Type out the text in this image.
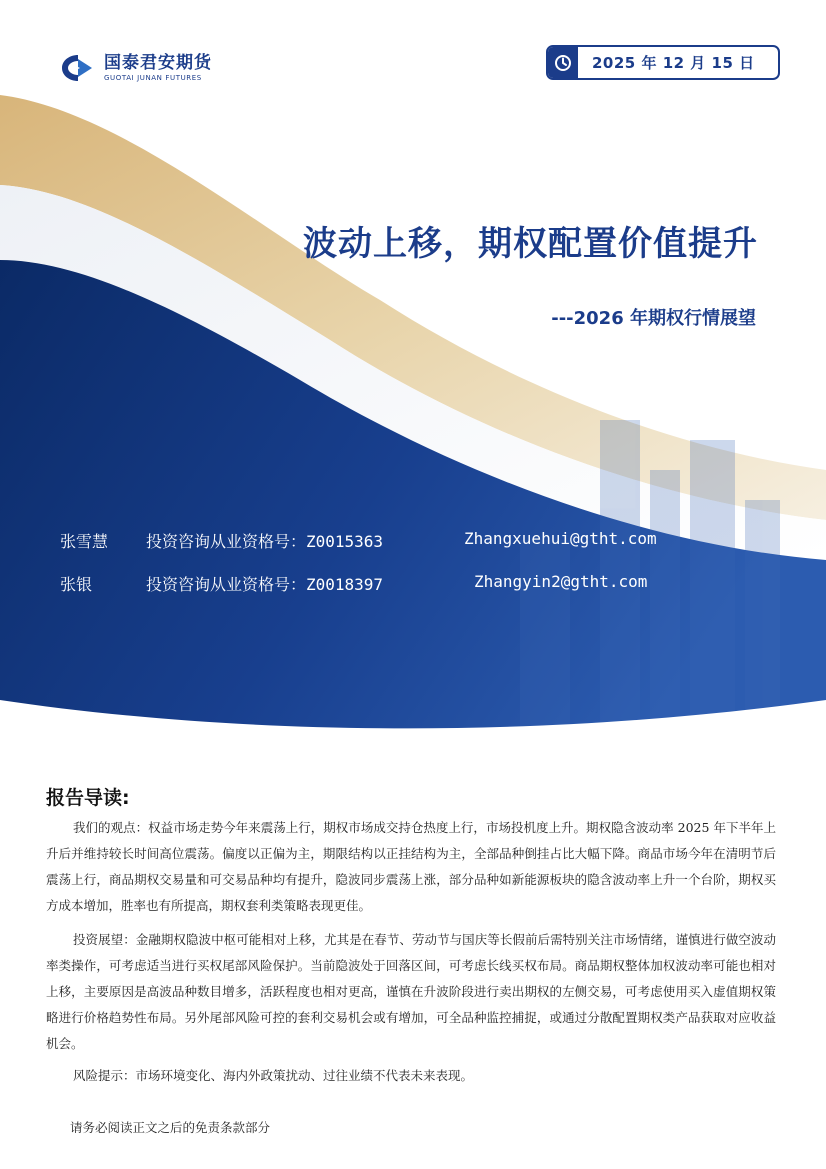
国泰君安期货
GUOTAI JUNAN FUTURES
2025 年 12 月 15 日
波动上移，期权配置价值提升
---2026 年期权行情展望
张雪慧 投资咨询从业资格号：Z0015363	Zhangxuehui@gtht.com
张银	投资咨询从业资格号：Z0018397	Zhangyin2@gtht.com
报告导读:

我们的观点：权益市场走势今年来震荡上行，期权市场成交持仓热度上行，市场投机度上升。期权隐含波动率 2025 年下半年上升后并维持较长时间高位震荡。偏度以正偏为主，期限结构以正挂结构为主，全部品种倒挂占比大幅下降。商品市场今年在清明节后震荡上行，商品期权交易量和可交易品种均有提升，隐波同步震荡上涨，部分品种如新能源板块的隐含波动率上升一个台阶，期权买方成本增加，胜率也有所提高，期权套利类策略表现更佳。

投资展望：金融期权隐波中枢可能相对上移，尤其是在春节、劳动节与国庆等长假前后需特别关注市场情绪，谨慎进行做空波动率类操作，可考虑适当进行买权尾部风险保护。当前隐波处于回落区间，可考虑长线买权布局。商品期权整体加权波动率可能也相对上移，主要原因是高波品种数目增多，活跃程度也相对更高，谨慎在升波阶段进行卖出期权的左侧交易，可考虑使用买入虚值期权策略进行价格趋势性布局。另外尾部风险可控的套利交易机会或有增加，可全品种监控捕捉，或通过分散配置期权类产品获取对应收益机会。

风险提示：市场环境变化、海内外政策扰动、过往业绩不代表未来表现。

请务必阅读正文之后的免责条款部分
